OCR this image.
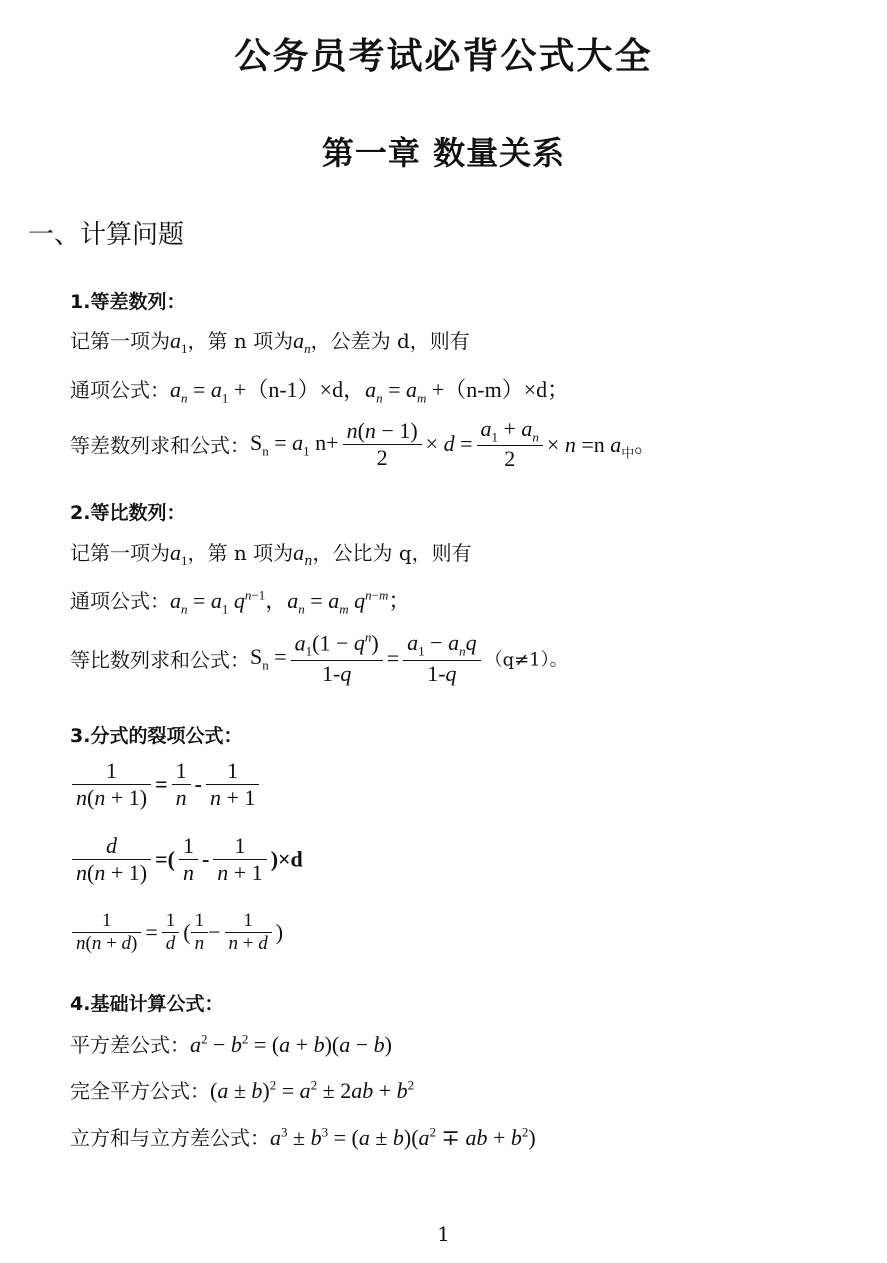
公务员考试必背公式大全
第一章 数量关系
一、计算问题
1.等差数列：
记第一项为$a_1$，第 n 项为$a_n$，公差为 d，则有
通项公式：$a_n = a_1 +(n-1)\times d$，$a_n = a_m +(n-m)\times d$；
等差数列求和公式：$S_n = a_1$ $n+ \frac{n(n - 1)}{2} \times d = \frac{a_1 + a_n}{2} \times n =n$ $a_中$。
2.等比数列：
记第一项为$a_1$，第 n 项为$a_n$，公比为 q，则有
通项公式：$a_n = a_1$ $q^{n-1}$，$a_n = a_m$ $q^{n-m}$；
等比数列求和公式：$S_n = \frac{a_1(1 - q^n)}{1-q} = \frac{a_1 - a_nq}{1-q} (q\ne 1)$。
3.分式的裂项公式：
$\frac{1}{n(n + 1)} = \frac{1}{n} - \frac{1}{n + 1}$
$\frac{d}{n(n + 1)}$ =( $\frac{1}{n} - \frac{1}{n + 1} )\times d$
$\frac{1}{n(n + d)} = \frac{1}{d}$ ( $\frac{1}{n} - \frac{1}{n + d}$ )
4.基础计算公式：
平方差公式：$a^2 - b^2 = (a + b)(a - b)$
完全平方公式：$(a \pm b)^2 = a^2 \pm 2ab + b^2$
立方和与立方差公式：$a^3 \pm b^3 = (a \pm b)(a^2$ ∓ ab + $b^2$)
1
